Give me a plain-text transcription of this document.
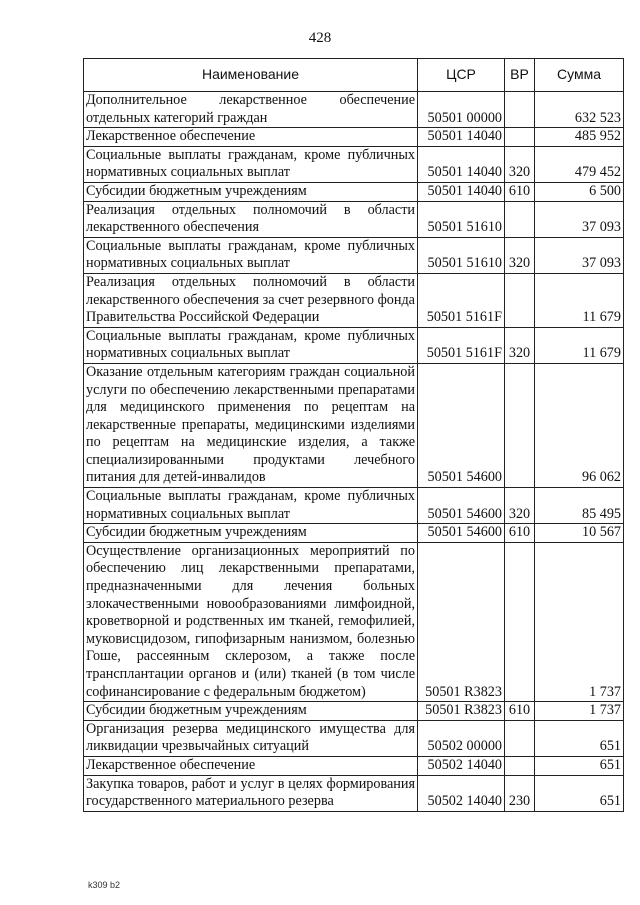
428
Наименование	ЦСР	ВР	Сумма
Дополнительное лекарственное обеспечение отдельных категорий граждан	50501 00000		632 523
Лекарственное обеспечение	50501 14040		485 952
Социальные выплаты гражданам, кроме публичных нормативных социальных выплат	50501 14040	320	479 452
Субсидии бюджетным учреждениям	50501 14040	610	6 500
Реализация отдельных полномочий в области лекарственного обеспечения	50501 51610		37 093
Социальные выплаты гражданам, кроме публичных нормативных социальных выплат	50501 51610	320	37 093
Реализация отдельных полномочий в области лекарственного обеспечения за счет резервного фонда Правительства Российской Федерации	50501 5161F		11 679
Социальные выплаты гражданам, кроме публичных нормативных социальных выплат	50501 5161F	320	11 679
Оказание отдельным категориям граждан социальной услуги по обеспечению лекарственными препаратами для медицинского применения по рецептам на лекарственные препараты, медицинскими изделиями по рецептам на медицинские изделия, а также специализированными продуктами лечебного питания для детей-инвалидов	50501 54600		96 062
Социальные выплаты гражданам, кроме публичных нормативных социальных выплат	50501 54600	320	85 495
Субсидии бюджетным учреждениям	50501 54600	610	10 567
Осуществление организационных мероприятий по обеспечению лиц лекарственными препаратами, предназначенными для лечения больных злокачественными новообразованиями лимфоидной, кроветворной и родственных им тканей, гемофилией, муковисцидозом, гипофизарным нанизмом, болезнью Гоше, рассеянным склерозом, а также после трансплантации органов и (или) тканей (в том числе софинансирование с федеральным бюджетом)	50501 R3823		1 737
Субсидии бюджетным учреждениям	50501 R3823	610	1 737
Организация резерва медицинского имущества для ликвидации чрезвычайных ситуаций	50502 00000		651
Лекарственное обеспечение	50502 14040		651
Закупка товаров, работ и услуг в целях формирования государственного материального резерва	50502 14040	230	651
k309 b2
